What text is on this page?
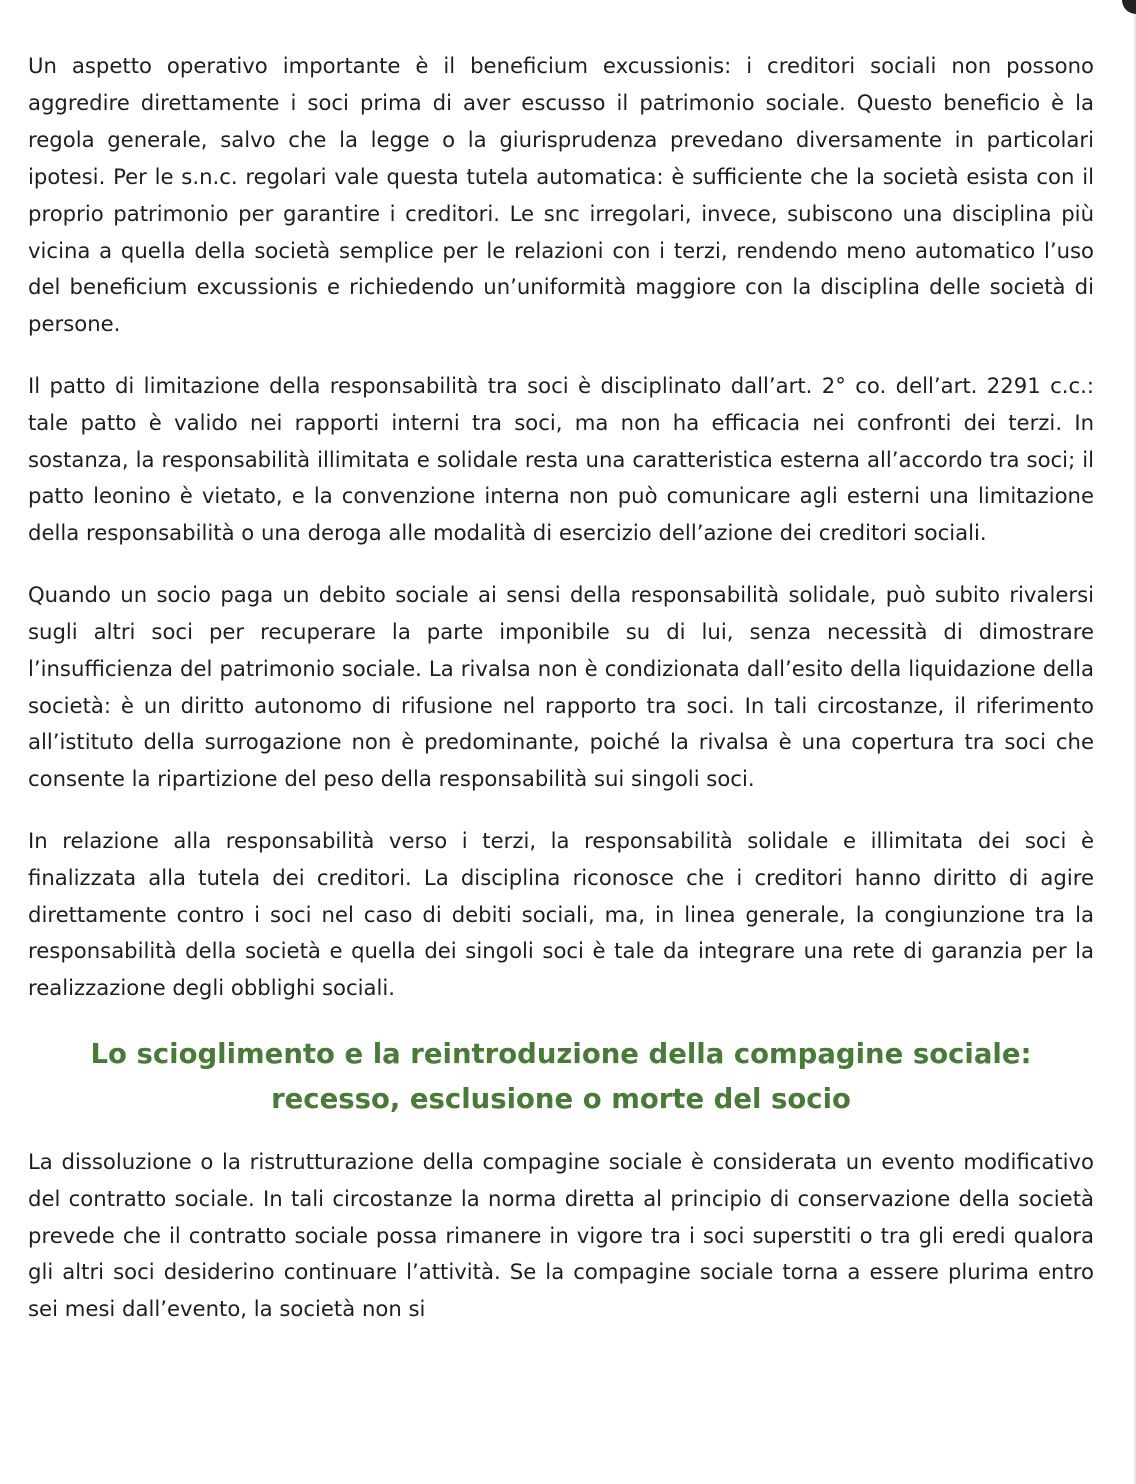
Un aspetto operativo importante è il beneficium excussionis: i creditori sociali non possono aggredire direttamente i soci prima di aver escusso il patrimonio sociale. Questo beneficio è la regola generale, salvo che la legge o la giurisprudenza prevedano diversamente in particolari ipotesi. Per le s.n.c. regolari vale questa tutela automatica: è sufficiente che la società esista con il proprio patrimonio per garantire i creditori. Le snc irregolari, invece, subiscono una disciplina più vicina a quella della società semplice per le relazioni con i terzi, rendendo meno automatico l’uso del beneficium excussionis e richiedendo un’uniformità maggiore con la disciplina delle società di persone.

Il patto di limitazione della responsabilità tra soci è disciplinato dall’art. 2° co. dell’art. 2291 c.c.: tale patto è valido nei rapporti interni tra soci, ma non ha efficacia nei confronti dei terzi. In sostanza, la responsabilità illimitata e solidale resta una caratteristica esterna all’accordo tra soci; il patto leonino è vietato, e la convenzione interna non può comunicare agli esterni una limitazione della responsabilità o una deroga alle modalità di esercizio dell’azione dei creditori sociali.

Quando un socio paga un debito sociale ai sensi della responsabilità solidale, può subito rivalersi sugli altri soci per recuperare la parte imponibile su di lui, senza necessità di dimostrare l’insufficienza del patrimonio sociale. La rivalsa non è condizionata dall’esito della liquidazione della società: è un diritto autonomo di rifusione nel rapporto tra soci. In tali circostanze, il riferimento all’istituto della surrogazione non è predominante, poiché la rivalsa è una copertura tra soci che consente la ripartizione del peso della responsabilità sui singoli soci.

In relazione alla responsabilità verso i terzi, la responsabilità solidale e illimitata dei soci è finalizzata alla tutela dei creditori. La disciplina riconosce che i creditori hanno diritto di agire direttamente contro i soci nel caso di debiti sociali, ma, in linea generale, la congiunzione tra la responsabilità della società e quella dei singoli soci è tale da integrare una rete di garanzia per la realizzazione degli obblighi sociali.

Lo scioglimento e la reintroduzione della compagine sociale:
recesso, esclusione o morte del socio

La dissoluzione o la ristrutturazione della compagine sociale è considerata un evento modificativo del contratto sociale. In tali circostanze la norma diretta al principio di conservazione della società prevede che il contratto sociale possa rimanere in vigore tra i soci superstiti o tra gli eredi qualora gli altri soci desiderino continuare l’attività. Se la compagine sociale torna a essere plurima entro sei mesi dall’evento, la società non si
